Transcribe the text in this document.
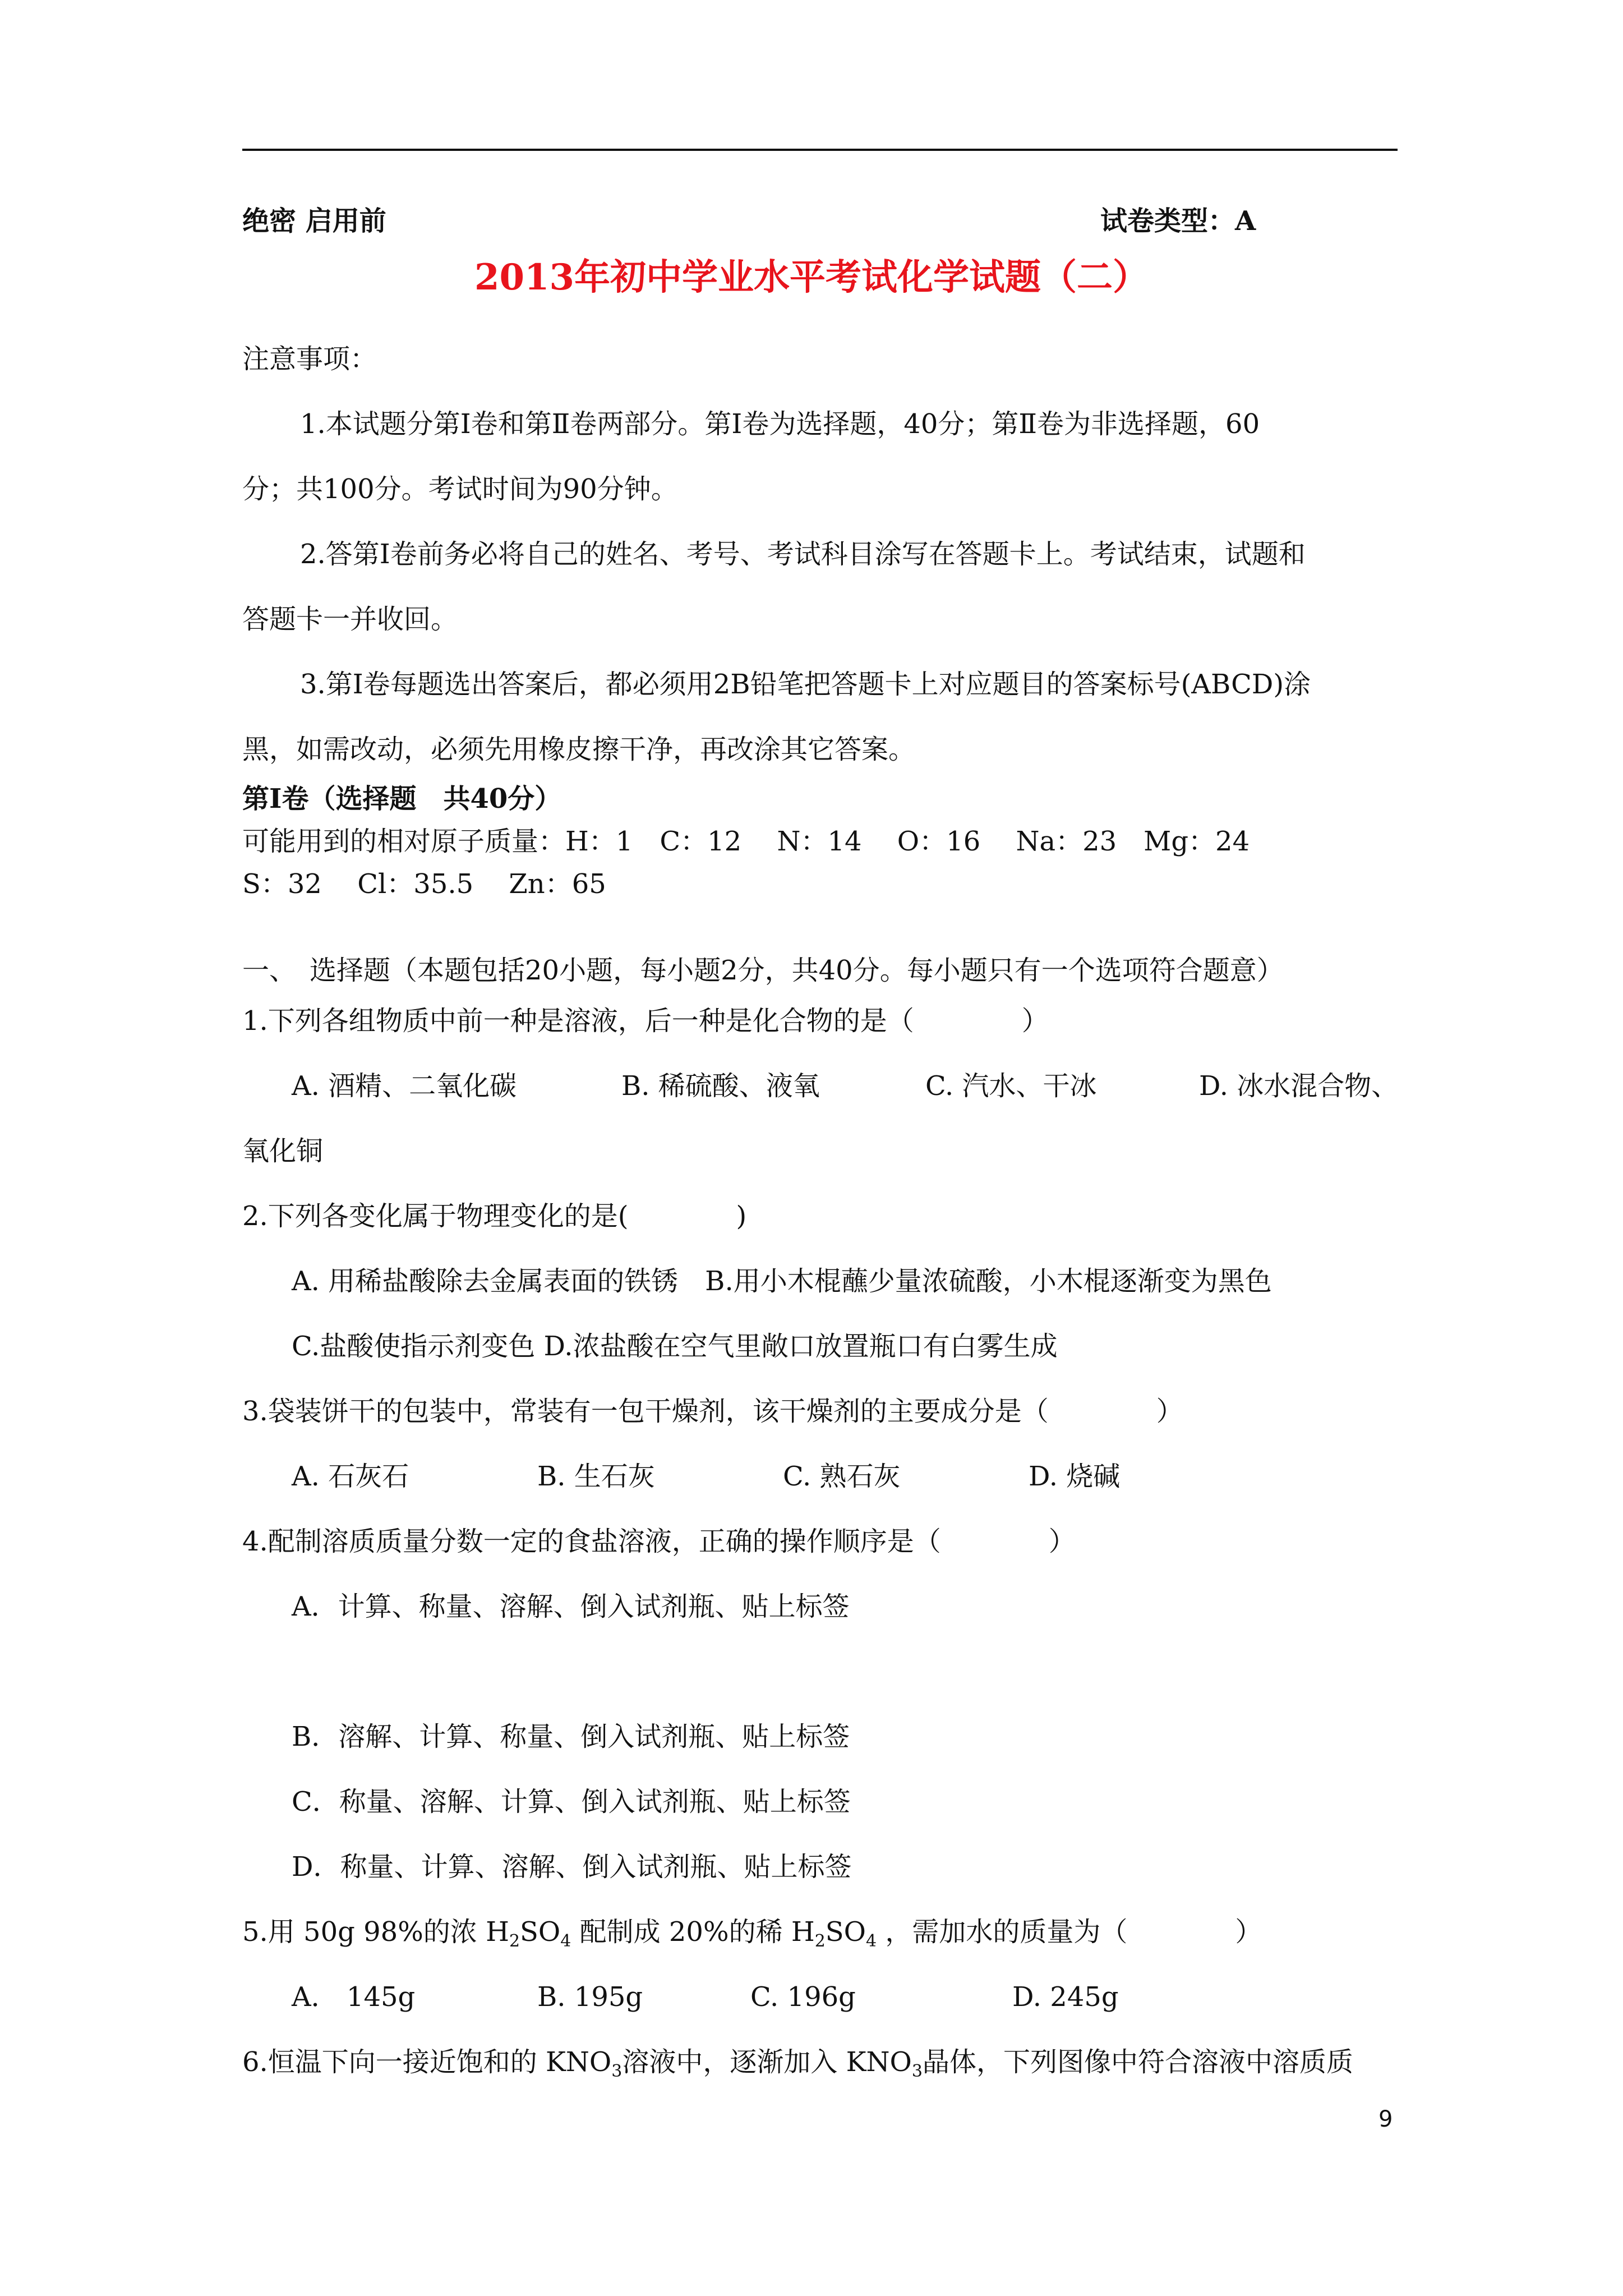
绝密 启用前	试卷类型：A
2013年初中学业水平考试化学试题（二）
注意事项：
1.本试题分第Ⅰ卷和第Ⅱ卷两部分。第Ⅰ卷为选择题，40分；第Ⅱ卷为非选择题，60
分；共100分。考试时间为90分钟。
2.答第Ⅰ卷前务必将自己的姓名、考号、考试科目涂写在答题卡上。考试结束，试题和
答题卡一并收回。
3.第Ⅰ卷每题选出答案后，都必须用2B铅笔把答题卡上对应题目的答案标号(ABCD)涂
黑，如需改动，必须先用橡皮擦干净，再改涂其它答案。
第Ⅰ卷（选择题　共40分）
可能用到的相对原子质量：H：1　C：12　 N：14　 O：16　 Na：23　Mg：24
S：32　 Cl：35.5　 Zn：65
一、　选择题（本题包括20小题，每小题2分，共40分。每小题只有一个选项符合题意）
1.下列各组物质中前一种是溶液，后一种是化合物的是（　　　　）
A. 酒精、二氧化碳	B. 稀硫酸、液氧	C. 汽水、干冰	D. 冰水混合物、
氧化铜
2.下列各变化属于物理变化的是(　　　　)
A. 用稀盐酸除去金属表面的铁锈　B.用小木棍蘸少量浓硫酸，小木棍逐渐变为黑色
C.盐酸使指示剂变色 D.浓盐酸在空气里敞口放置瓶口有白雾生成
3.袋装饼干的包装中，常装有一包干燥剂，该干燥剂的主要成分是（　　　　）
A. 石灰石	B. 生石灰	C. 熟石灰	D. 烧碱
4.配制溶质质量分数一定的食盐溶液，正确的操作顺序是（　　　　）
A．计算、称量、溶解、倒入试剂瓶、贴上标签
B．溶解、计算、称量、倒入试剂瓶、贴上标签
C．称量、溶解、计算、倒入试剂瓶、贴上标签
D．称量、计算、溶解、倒入试剂瓶、贴上标签
5.用 50g 98%的浓 $H_2SO_4$ 配制成 20%的稀 $H_2SO_4$ ，需加水的质量为（　　　　）
A． 145g	B. 195g	C. 196g	D. 245g
6.恒温下向一接近饱和的 $KNO_3$溶液中，逐渐加入 $KNO_3$晶体，下列图像中符合溶液中溶质质
9
